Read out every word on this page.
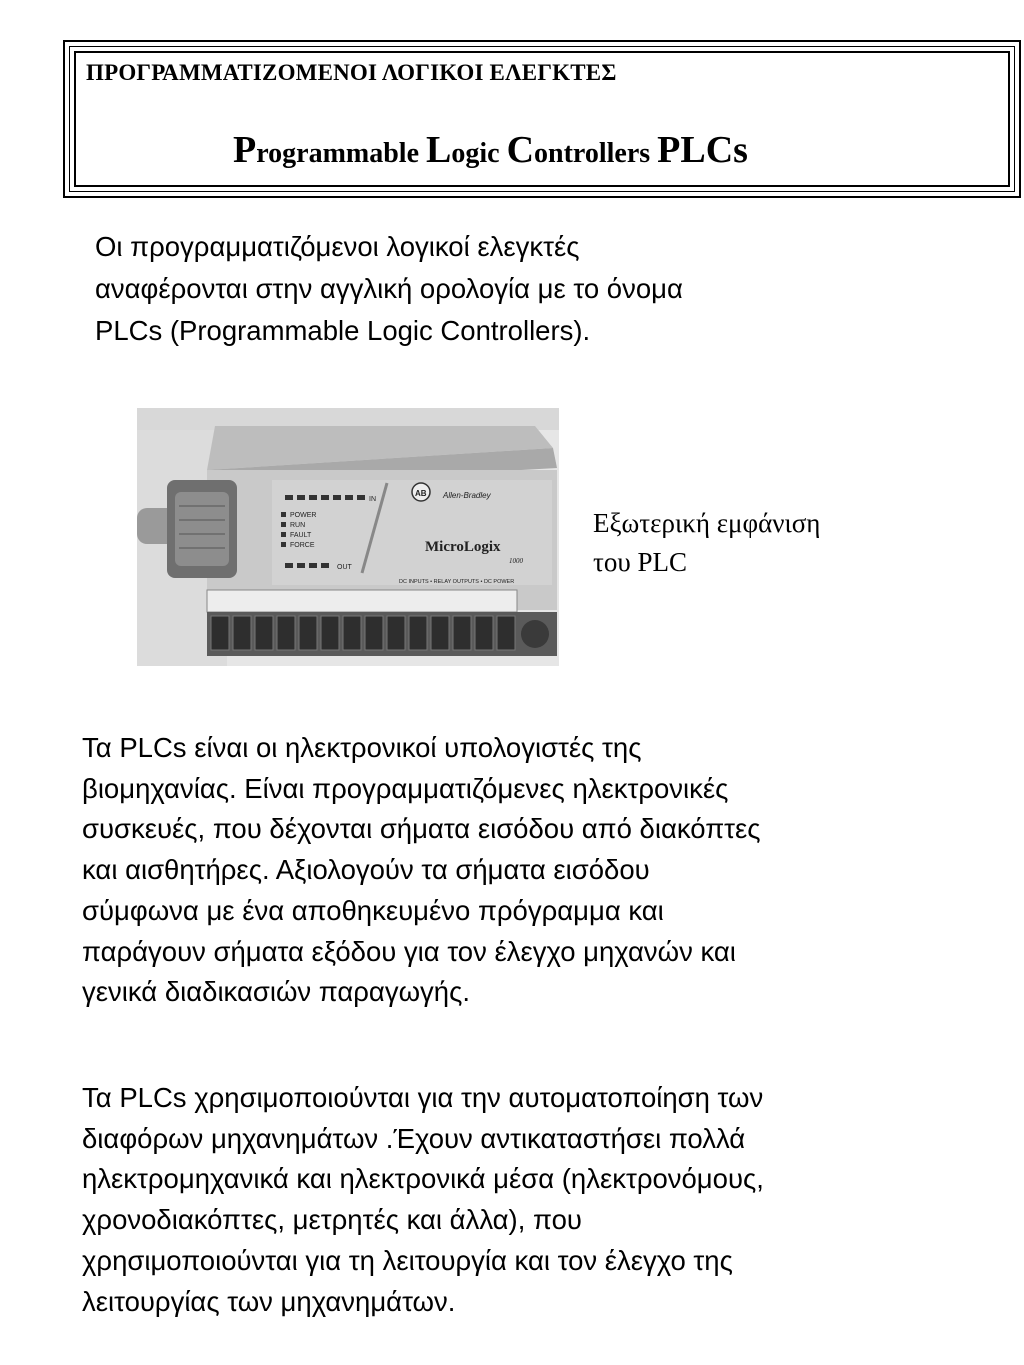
ΠΡΟΓΡΑΜΜΑΤΙΖΟΜΕΝΟΙ ΛΟΓΙΚΟΙ ΕΛΕΓΚΤΕΣ
Programmable Logic Controllers PLCs

Οι προγραμματιζόμενοι λογικοί ελεγκτές
αναφέρονται στην αγγλική ορολογία με το όνομα
PLCs (Programmable Logic Controllers).

IN
POWER
RUN
FAULT
FORCE
OUT
AB Allen-Bradley
MicroLogix
1000
DC INPUTS • RELAY OUTPUTS • DC POWER
Εξωτερική εμφάνιση
του PLC

Τα PLCs είναι οι ηλεκτρονικοί υπολογιστές της
βιομηχανίας. Είναι προγραμματιζόμενες ηλεκτρονικές
συσκευές, που δέχονται σήματα εισόδου από διακόπτες
και αισθητήρες. Αξιολογούν τα σήματα εισόδου
σύμφωνα με ένα αποθηκευμένο πρόγραμμα και
παράγουν σήματα εξόδου για τον έλεγχο μηχανών και
γενικά διαδικασιών παραγωγής.

Τα PLCs χρησιμοποιούνται για την αυτοματοποίηση των
διαφόρων μηχανημάτων .Έχουν αντικαταστήσει πολλά
ηλεκτρομηχανικά και ηλεκτρονικά μέσα (ηλεκτρονόμους,
χρονοδιακόπτες, μετρητές και άλλα), που
χρησιμοποιούνται για τη λειτουργία και τον έλεγχο της
λειτουργίας των μηχανημάτων.
